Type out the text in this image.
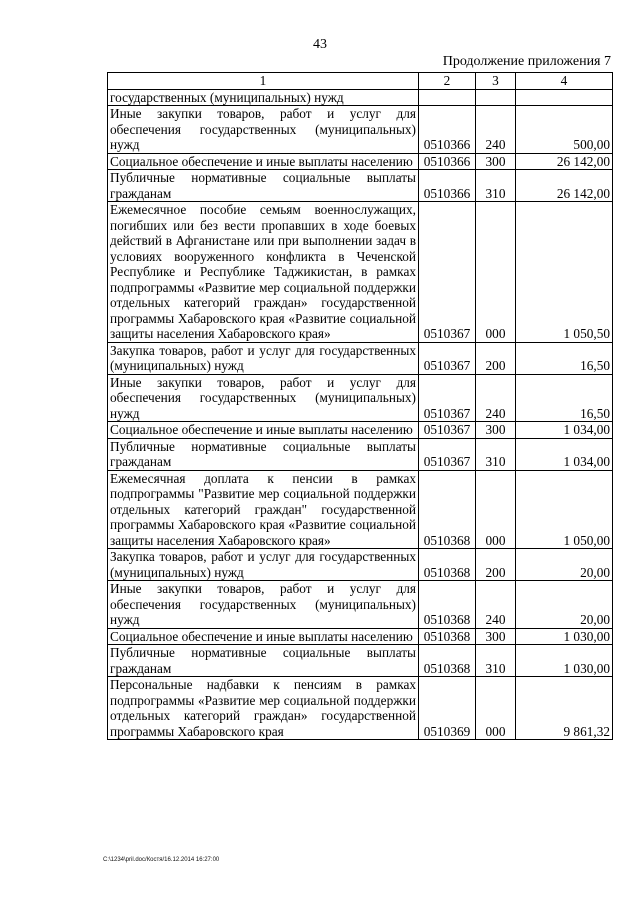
43
Продолжение приложения 7
1	2	3	4
государственных (муниципальных) нужд			
Иные закупки товаров, работ и услуг для обеспечения государственных (муниципальных) нужд	0510366	240	500,00
Социальное обеспечение и иные выплаты населению	0510366	300	26 142,00
Публичные нормативные социальные выплаты гражданам	0510366	310	26 142,00
Ежемесячное пособие семьям военнослужащих, погибших или без вести пропавших в ходе боевых действий в Афганистане или при выполнении задач в условиях вооруженного конфликта в Чеченской Республике и Республике Таджикистан, в рамках подпрограммы «Развитие мер социальной поддержки отдельных категорий граждан» государственной программы Хабаровского края «Развитие социальной защиты населения Хабаровского края»	0510367	000	1 050,50
Закупка товаров, работ и услуг для государственных (муниципальных) нужд	0510367	200	16,50
Иные закупки товаров, работ и услуг для обеспечения государственных (муниципальных) нужд	0510367	240	16,50
Социальное обеспечение и иные выплаты населению	0510367	300	1 034,00
Публичные нормативные социальные выплаты гражданам	0510367	310	1 034,00
Ежемесячная доплата к пенсии в рамках подпрограммы "Развитие мер социальной поддержки отдельных категорий граждан" государственной программы Хабаровского края «Развитие социальной защиты населения Хабаровского края»	0510368	000	1 050,00
Закупка товаров, работ и услуг для государственных (муниципальных) нужд	0510368	200	20,00
Иные закупки товаров, работ и услуг для обеспечения государственных (муниципальных) нужд	0510368	240	20,00
Социальное обеспечение и иные выплаты населению	0510368	300	1 030,00
Публичные нормативные социальные выплаты гражданам	0510368	310	1 030,00
Персональные надбавки к пенсиям в рамках подпрограммы «Развитие мер социальной поддержки отдельных категорий граждан» государственной программы Хабаровского края	0510369	000	9 861,32
C:\1234\pril.doc/Костя/16.12.2014 16:27:00
